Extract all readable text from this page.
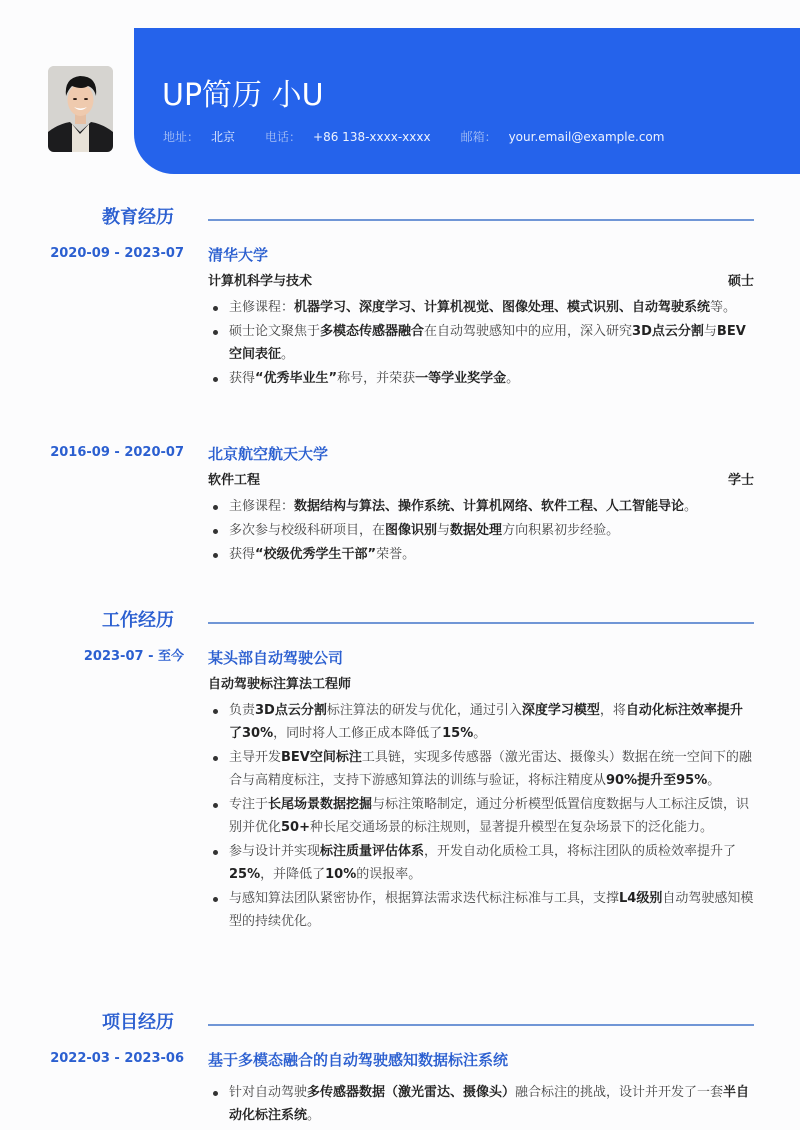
UP简历 小U
地址： 北京	电话： +86 138-xxxx-xxxx	邮箱： your.email@example.com
教育经历
2020-09 - 2023-07 清华大学
计算机科学与技术	硕士
主修课程：机器学习、深度学习、计算机视觉、图像处理、模式识别、自动驾驶系统等。
硕士论文聚焦于多模态传感器融合在自动驾驶感知中的应用，深入研究3D点云分割与BEV空间表征。
获得“优秀毕业生”称号，并荣获一等学业奖学金。
2016-09 - 2020-07 北京航空航天大学
软件工程	学士
主修课程：数据结构与算法、操作系统、计算机网络、软件工程、人工智能导论。
多次参与校级科研项目，在图像识别与数据处理方向积累初步经验。
获得“校级优秀学生干部”荣誉。
工作经历
2023-07 - 至今 某头部自动驾驶公司
自动驾驶标注算法工程师
负责3D点云分割标注算法的研发与优化，通过引入深度学习模型，将自动化标注效率提升了30%，同时将人工修正成本降低了15%。
主导开发BEV空间标注工具链，实现多传感器（激光雷达、摄像头）数据在统一空间下的融合与高精度标注，支持下游感知算法的训练与验证，将标注精度从90%提升至95%。
专注于长尾场景数据挖掘与标注策略制定，通过分析模型低置信度数据与人工标注反馈，识别并优化50+种长尾交通场景的标注规则，显著提升模型在复杂场景下的泛化能力。
参与设计并实现标注质量评估体系，开发自动化质检工具，将标注团队的质检效率提升了25%，并降低了10%的误报率。
与感知算法团队紧密协作，根据算法需求迭代标注标准与工具，支撑L4级别自动驾驶感知模型的持续优化。
项目经历
2022-03 - 2023-06 基于多模态融合的自动驾驶感知数据标注系统
针对自动驾驶多传感器数据（激光雷达、摄像头）融合标注的挑战，设计并开发了一套半自动化标注系统。
